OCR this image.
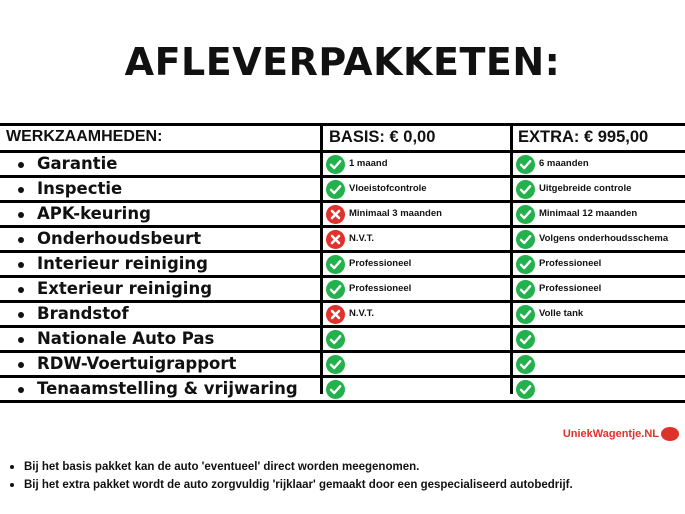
AFLEVERPAKKETEN:
WERKZAAMHEDEN:	BASIS: € 0,00	EXTRA: € 995,00
Garantie	1 maand	6 maanden
Inspectie	Vloeistofcontrole	Uitgebreide controle
APK-keuring	Minimaal 3 maanden	Minimaal 12 maanden
Onderhoudsbeurt	N.V.T.	Volgens onderhoudsschema
Interieur reiniging	Professioneel	Professioneel
Exterieur reiniging	Professioneel	Professioneel
Brandstof	N.V.T.	Volle tank
Nationale Auto Pas
RDW-Voertuigrapport
Tenaamstelling & vrijwaring
UniekWagentje.NL
Bij het basis pakket kan de auto 'eventueel' direct worden meegenomen.
Bij het extra pakket wordt de auto zorgvuldig 'rijklaar' gemaakt door een gespecialiseerd autobedrijf.
